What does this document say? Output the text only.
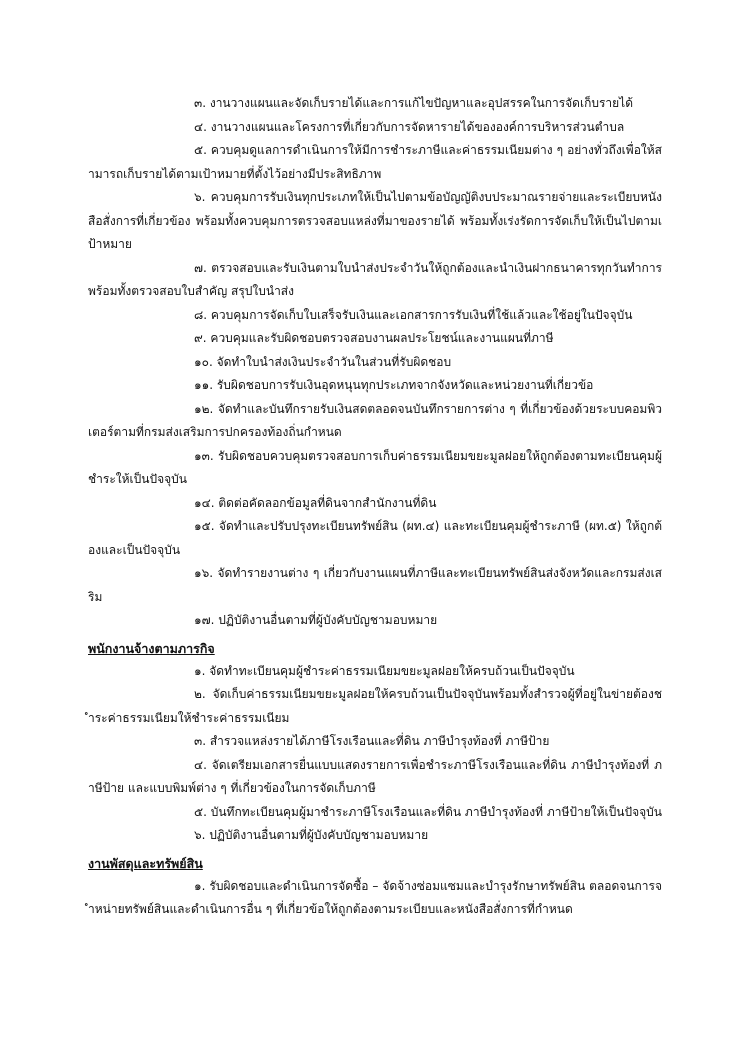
๓. งานวางแผนและจัดเก็บรายได้และการแก้ไขปัญหาและอุปสรรคในการจัดเก็บรายได้

๔. งานวางแผนและโครงการที่เกี่ยวกับการจัดหารายได้ขององค์การบริหารส่วนตำบล

๕. ควบคุมดูแลการดำเนินการให้มีการชำระภาษีและค่าธรรมเนียมต่าง ๆ อย่างทั่วถึงเพื่อให้สามารถเก็บรายได้ตามเป้าหมายที่ตั้งไว้อย่างมีประสิทธิภาพ

๖. ควบคุมการรับเงินทุกประเภทให้เป็นไปตามข้อบัญญัติงบประมาณรายจ่ายและระเบียบหนังสือสั่งการที่เกี่ยวข้อง พร้อมทั้งควบคุมการตรวจสอบแหล่งที่มาของรายได้ พร้อมทั้งเร่งรัดการจัดเก็บให้เป็นไปตามเป้าหมาย

๗. ตรวจสอบและรับเงินตามใบนำส่งประจำวันให้ถูกต้องและนำเงินฝากธนาคารทุกวันทำการ พร้อมทั้งตรวจสอบใบสำคัญ สรุปใบนำส่ง

๘. ควบคุมการจัดเก็บใบเสร็จรับเงินและเอกสารการรับเงินที่ใช้แล้วและใช้อยู่ในปัจจุบัน

๙. ควบคุมและรับผิดชอบตรวจสอบงานผลประโยชน์และงานแผนที่ภาษี

๑๐. จัดทำใบนำส่งเงินประจำวันในส่วนที่รับผิดชอบ

๑๑. รับผิดชอบการรับเงินอุดหนุนทุกประเภทจากจังหวัดและหน่วยงานที่เกี่ยวข้อ

๑๒. จัดทำและบันทึกรายรับเงินสดตลอดจนบันทึกรายการต่าง ๆ ที่เกี่ยวข้องด้วยระบบคอมพิวเตอร์ตามที่กรมส่งเสริมการปกครองท้องถิ่นกำหนด

๑๓. รับผิดชอบควบคุมตรวจสอบการเก็บค่าธรรมเนียมขยะมูลฝอยให้ถูกต้องตามทะเบียนคุมผู้ชำระให้เป็นปัจจุบัน

๑๔. ติดต่อคัดลอกข้อมูลที่ดินจากสำนักงานที่ดิน

๑๕. จัดทำและปรับปรุงทะเบียนทรัพย์สิน (ผท.๔) และทะเบียนคุมผู้ชำระภาษี (ผท.๕) ให้ถูกต้องและเป็นปัจจุบัน

๑๖. จัดทำรายงานต่าง ๆ เกี่ยวกับงานแผนที่ภาษีและทะเบียนทรัพย์สินส่งจังหวัดและกรมส่งเสริม

๑๗. ปฏิบัติงานอื่นตามที่ผู้บังคับบัญชามอบหมาย

พนักงานจ้างตามภารกิจ

๑. จัดทำทะเบียนคุมผู้ชำระค่าธรรมเนียมขยะมูลฝอยให้ครบถ้วนเป็นปัจจุบัน

๒. จัดเก็บค่าธรรมเนียมขยะมูลฝอยให้ครบถ้วนเป็นปัจจุบันพร้อมทั้งสำรวจผู้ที่อยู่ในข่ายต้องชำระค่าธรรมเนียมให้ชำระค่าธรรมเนียม

๓. สำรวจแหล่งรายได้ภาษีโรงเรือนและที่ดิน ภาษีบำรุงท้องที่ ภาษีป้าย

๔. จัดเตรียมเอกสารยื่นแบบแสดงรายการเพื่อชำระภาษีโรงเรือนและที่ดิน ภาษีบำรุงท้องที่ ภาษีป้าย และแบบพิมพ์ต่าง ๆ ที่เกี่ยวข้องในการจัดเก็บภาษี

๕. บันทึกทะเบียนคุมผู้มาชำระภาษีโรงเรือนและที่ดิน ภาษีบำรุงท้องที่ ภาษีป้ายให้เป็นปัจจุบัน

๖. ปฏิบัติงานอื่นตามที่ผู้บังคับบัญชามอบหมาย

งานพัสดุและทรัพย์สิน

๑. รับผิดชอบและดำเนินการจัดซื้อ – จัดจ้างซ่อมแซมและบำรุงรักษาทรัพย์สิน ตลอดจนการจำหน่ายทรัพย์สินและดำเนินการอื่น ๆ ที่เกี่ยวข้อให้ถูกต้องตามระเบียบและหนังสือสั่งการที่กำหนด
